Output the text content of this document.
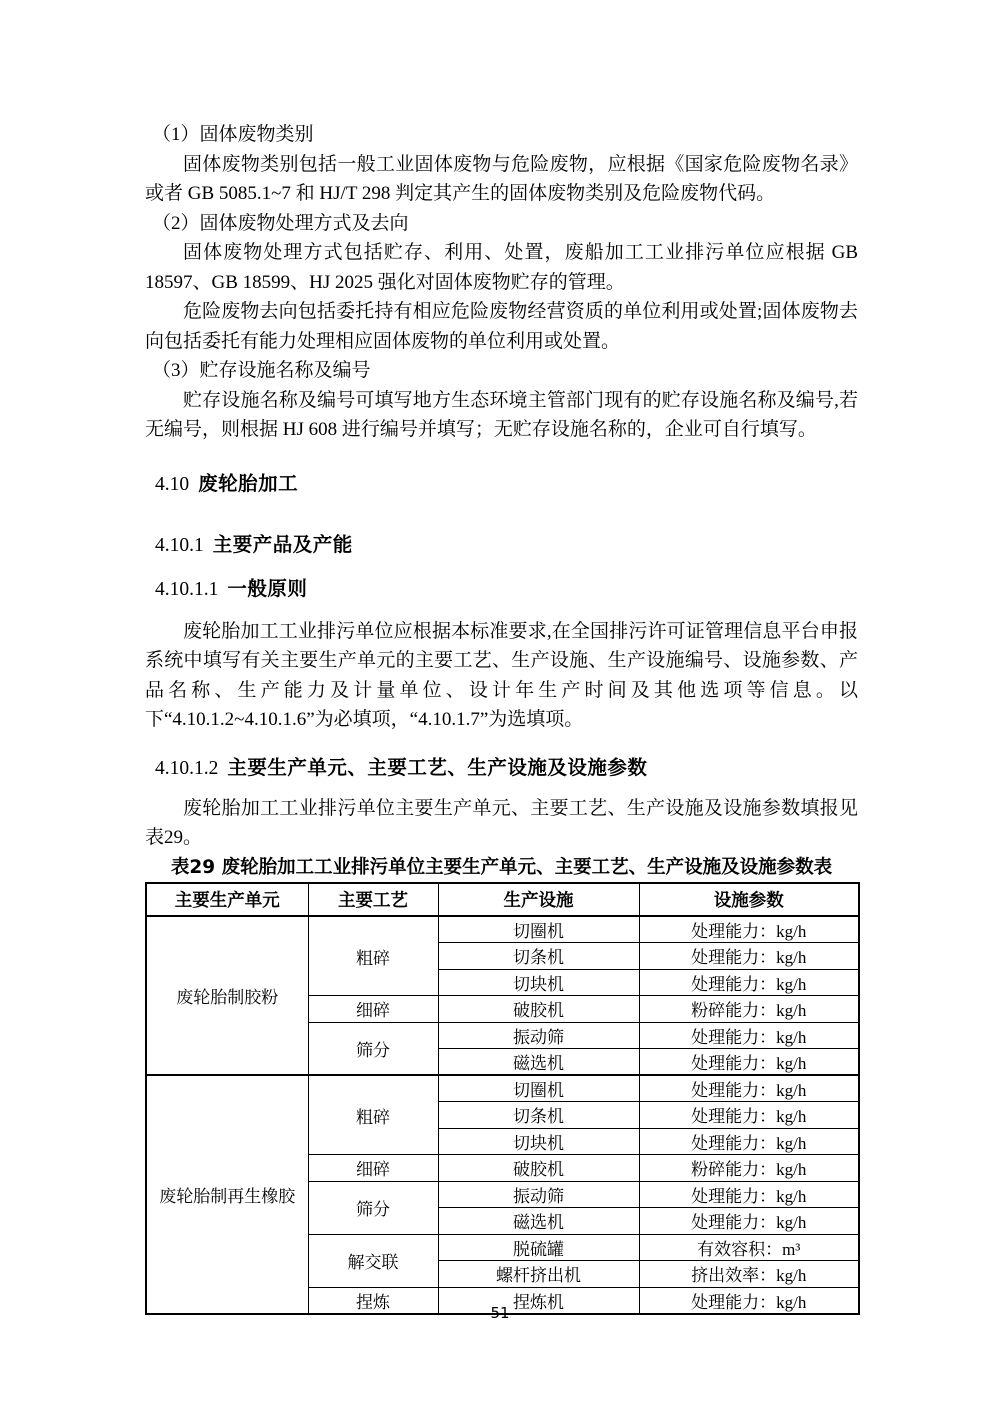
（1）固体废物类别

固体废物类别包括一般工业固体废物与危险废物，应根据《国家危险废物名录》或者 GB 5085.1~7 和 HJ/T 298 判定其产生的固体废物类别及危险废物代码。

（2）固体废物处理方式及去向

固体废物处理方式包括贮存、利用、处置，废船加工工业排污单位应根据 GB 18597、GB 18599、HJ 2025 强化对固体废物贮存的管理。

危险废物去向包括委托持有相应危险废物经营资质的单位利用或处置;固体废物去向包括委托有能力处理相应固体废物的单位利用或处置。

（3）贮存设施名称及编号

贮存设施名称及编号可填写地方生态环境主管部门现有的贮存设施名称及编号,若无编号，则根据 HJ 608 进行编号并填写；无贮存设施名称的，企业可自行填写。

4.10 废轮胎加工
4.10.1 主要产品及产能
4.10.1.1 一般原则

废轮胎加工工业排污单位应根据本标准要求,在全国排污许可证管理信息平台申报系统中填写有关主要生产单元的主要工艺、生产设施、生产设施编号、设施参数、产品名称、生产能力及计量单位、设计年生产时间及其他选项等信息。以下“4.10.1.2~4.10.1.6”为必填项，“4.10.1.7”为选填项。

4.10.1.2 主要生产单元、主要工艺、生产设施及设施参数

废轮胎加工工业排污单位主要生产单元、主要工艺、生产设施及设施参数填报见表29。

表29 废轮胎加工工业排污单位主要生产单元、主要工艺、生产设施及设施参数表

主要生产单元	主要工艺	生产设施	设施参数
废轮胎制胶粉	粗碎	切圈机	处理能力：kg/h
		切条机	处理能力：kg/h
		切块机	处理能力：kg/h
	细碎	破胶机	粉碎能力：kg/h
	筛分	振动筛	处理能力：kg/h
		磁选机	处理能力：kg/h
废轮胎制再生橡胶	粗碎	切圈机	处理能力：kg/h
		切条机	处理能力：kg/h
		切块机	处理能力：kg/h
	细碎	破胶机	粉碎能力：kg/h
	筛分	振动筛	处理能力：kg/h
		磁选机	处理能力：kg/h
	解交联	脱硫罐	有效容积：m³
		螺杆挤出机	挤出效率：kg/h
	捏炼	捏炼机	处理能力：kg/h
51
